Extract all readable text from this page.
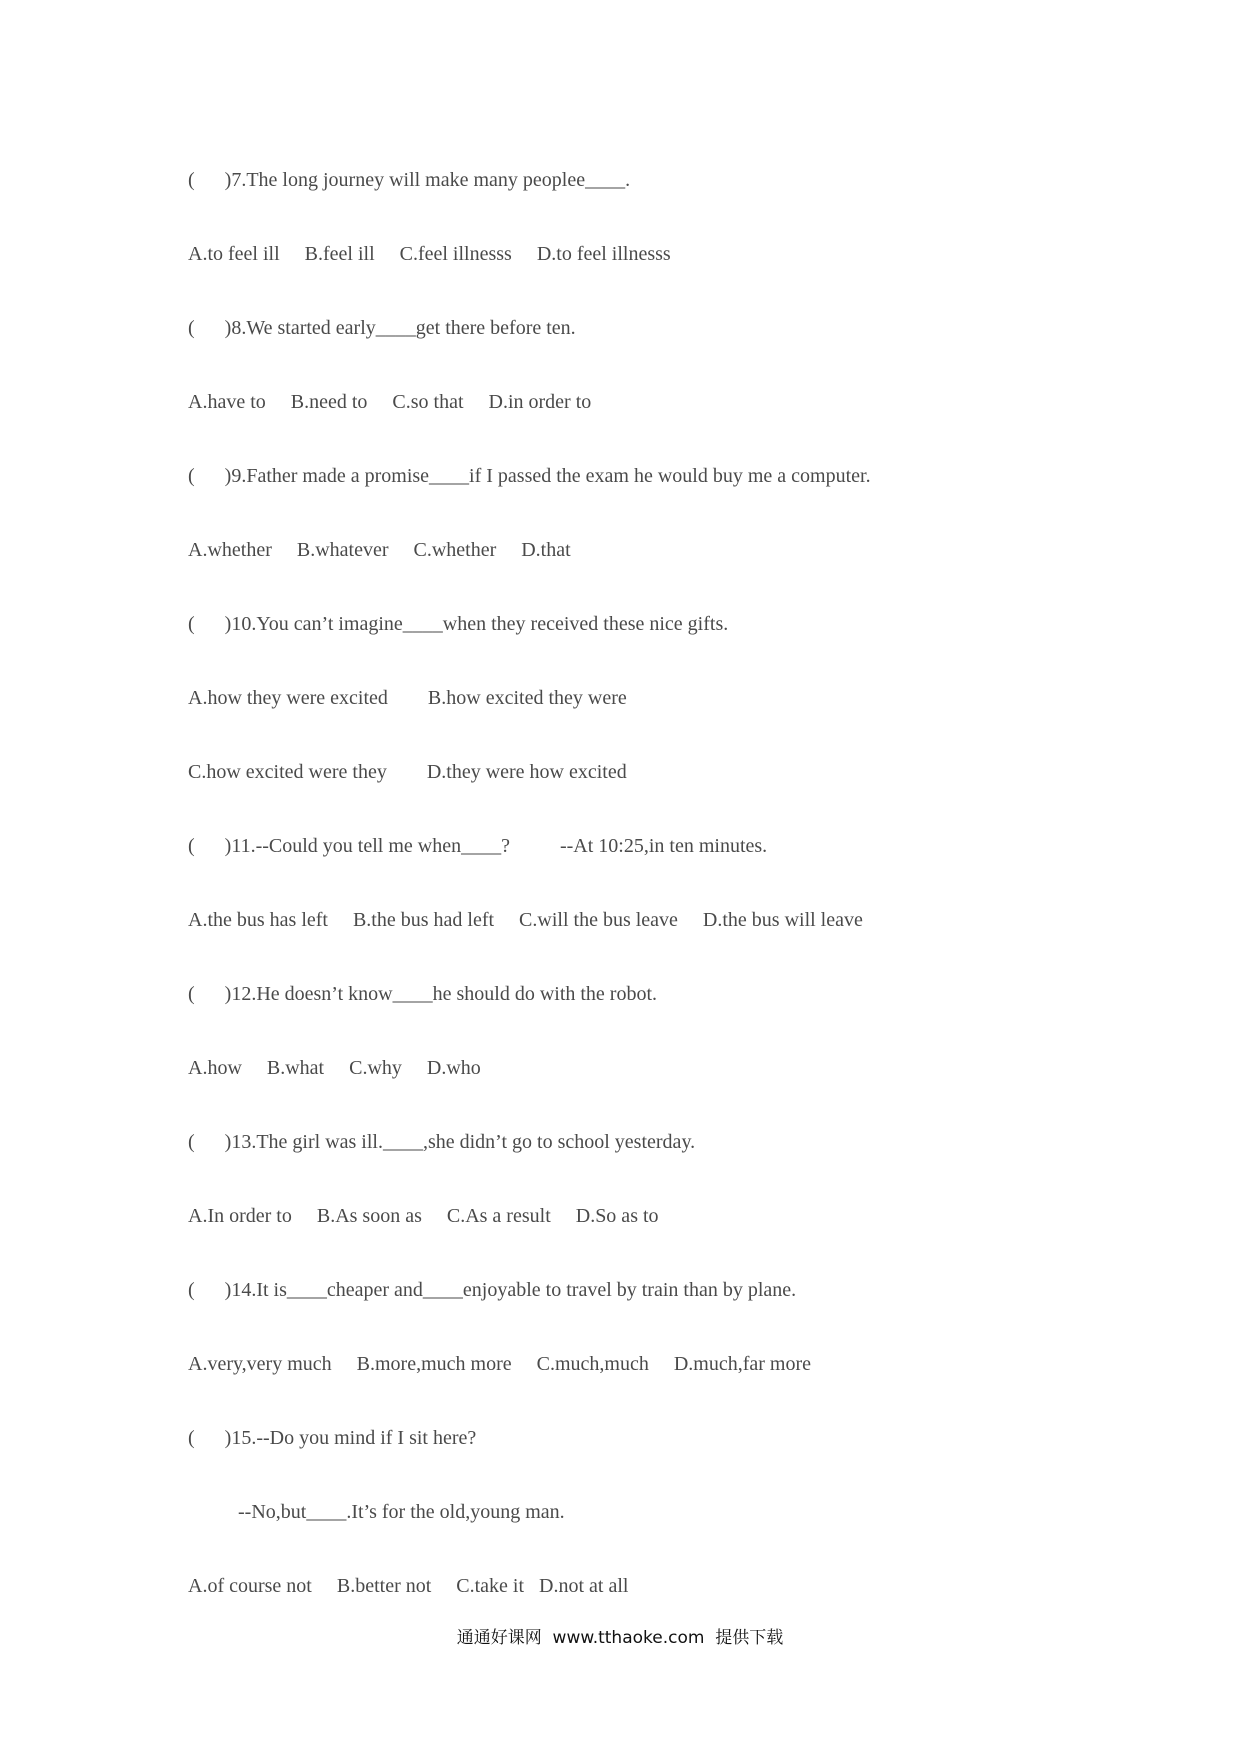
(      )7.The long journey will make many peoplee____.
A.to feel ill     B.feel ill     C.feel illnesss     D.to feel illnesss
(      )8.We started early____get there before ten.
A.have to     B.need to     C.so that     D.in order to
(      )9.Father made a promise____if I passed the exam he would buy me a computer.
A.whether     B.whatever     C.whether     D.that
(      )10.You can’t imagine____when they received these nice gifts.
A.how they were excited        B.how excited they were
C.how excited were they        D.they were how excited
(      )11.--Could you tell me when____?          --At 10:25,in ten minutes.
A.the bus has left     B.the bus had left     C.will the bus leave     D.the bus will leave
(      )12.He doesn’t know____he should do with the robot.
A.how     B.what     C.why     D.who
(      )13.The girl was ill.____,she didn’t go to school yesterday.
A.In order to     B.As soon as     C.As a result     D.So as to
(      )14.It is____cheaper and____enjoyable to travel by train than by plane.
A.very,very much     B.more,much more     C.much,much     D.much,far more
(      )15.--Do you mind if I sit here?
--No,but____.It’s for the old,young man.
A.of course not     B.better not     C.take it   D.not at all
通通好课网  www.tthaoke.com  提供下载
